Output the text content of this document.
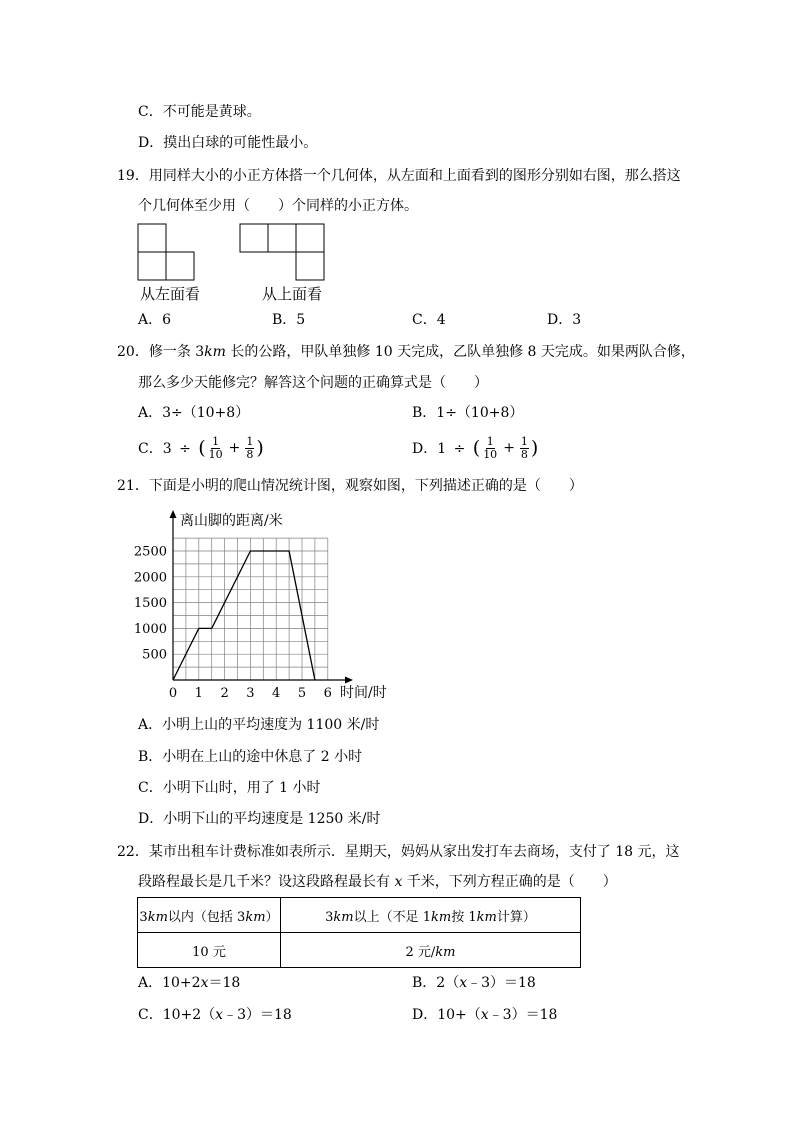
C．不可能是黄球。
D．摸出白球的可能性最小。
19．用同样大小的小正方体搭一个几何体，从左面和上面看到的图形分别如右图，那么搭这
个几何体至少用（　　）个同样的小正方体。
从左面看	从上面看
A．6	B．5	C．4	D．3
20．修一条 3km 长的公路，甲队单独修 10 天完成，乙队单独修 8 天完成。如果两队合修，
那么多少天能修完？解答这个问题的正确算式是（　　）
A．3÷（10+8）	B．1÷（10+8）
C．3 ÷ ( $\frac{1}{10} + \frac{1}{8}$ )	D．1 ÷ ( $\frac{1}{10} + \frac{1}{8}$ )
21．下面是小明的爬山情况统计图，观察如图，下列描述正确的是（　　）
0 1 2 3 4 5 6
500
1000
1500
2000
2500
离山脚的距离/米
时间/时
A．小明上山的平均速度为 1100 米/时
B．小明在上山的途中休息了 2 小时
C．小明下山时，用了 1 小时
D．小明下山的平均速度是 1250 米/时
22．某市出租车计费标准如表所示．星期天，妈妈从家出发打车去商场，支付了 18 元，这
段路程最长是几千米？设这段路程最长有 x 千米，下列方程正确的是（　　）
3km以内（包括 3km）	3km以上（不足 1km按 1km计算）
10 元	2 元/km
A．10+2x＝18	B．2（x﹣3）＝18
C．10+2（x﹣3）＝18	D．10+（x﹣3）＝18
